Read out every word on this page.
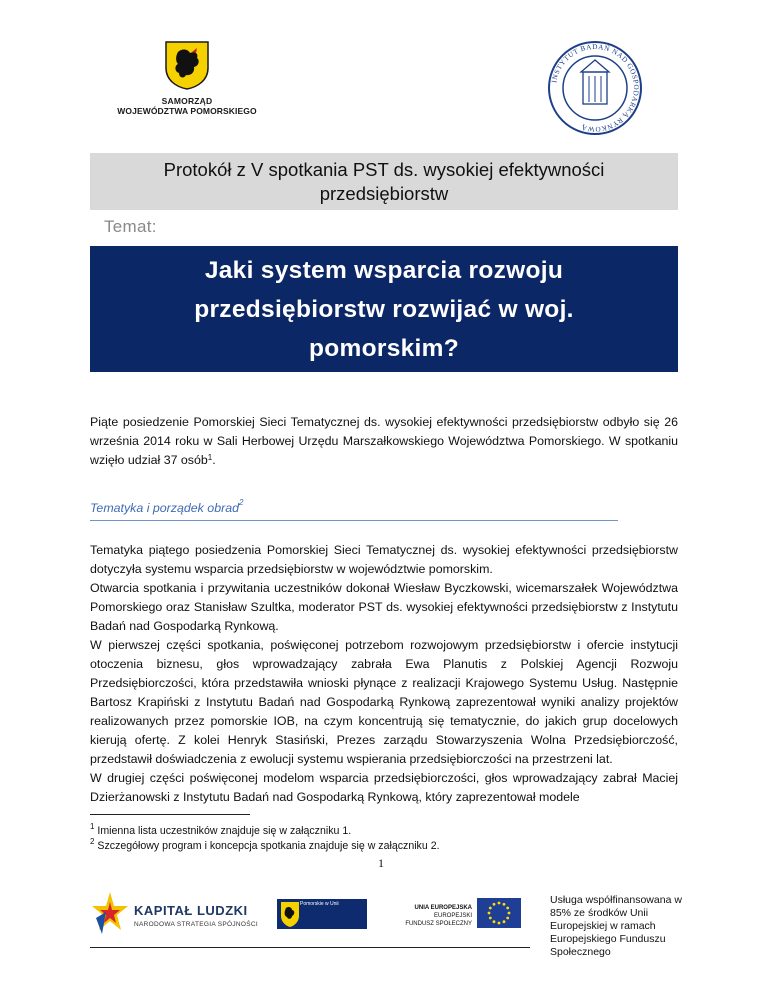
SAMORZĄD
WOJEWÓDZTWA POMORSKIEGO
INSTYTUT BADAŃ NAD GOSPODARKĄ RYNKOWĄ
Protokół z V spotkania PST ds. wysokiej efektywności przedsiębiorstw
Temat:
Jaki system wsparcia rozwoju przedsiębiorstw rozwijać w woj. pomorskim?
Piąte posiedzenie Pomorskiej Sieci Tematycznej ds. wysokiej efektywności przedsiębiorstw odbyło się 26 września 2014 roku w Sali Herbowej Urzędu Marszałkowskiego Województwa Pomorskiego. W spotkaniu wzięło udział 37 osób$^1$.
Tematyka i porządek obrad$^2$
Tematyka piątego posiedzenia Pomorskiej Sieci Tematycznej ds. wysokiej efektywności przedsiębiorstw dotyczyła systemu wsparcia przedsiębiorstw w województwie pomorskim.
Otwarcia spotkania i przywitania uczestników dokonał Wiesław Byczkowski, wicemarszałek Województwa Pomorskiego oraz Stanisław Szultka, moderator PST ds. wysokiej efektywności przedsiębiorstw z Instytutu Badań nad Gospodarką Rynkową.
W pierwszej części spotkania, poświęconej potrzebom rozwojowym przedsiębiorstw i ofercie instytucji otoczenia biznesu, głos wprowadzający zabrała Ewa Planutis z Polskiej Agencji Rozwoju Przedsiębiorczości, która przedstawiła wnioski płynące z realizacji Krajowego Systemu Usług. Następnie Bartosz Krapiński z Instytutu Badań nad Gospodarką Rynkową zaprezentował wyniki analizy projektów realizowanych przez pomorskie IOB, na czym koncentrują się tematycznie, do jakich grup docelowych kierują ofertę. Z kolei Henryk Stasiński, Prezes zarządu Stowarzyszenia Wolna Przedsiębiorczość, przedstawił doświadczenia z ewolucji systemu wspierania przedsiębiorczości na przestrzeni lat.
W drugiej części poświęconej modelom wsparcia przedsiębiorczości, głos wprowadzający zabrał Maciej Dzierżanowski z Instytutu Badań nad Gospodarką Rynkową, który zaprezentował modele
$^1$ Imienna lista uczestników znajduje się w załączniku 1.
$^2$ Szczegółowy program i koncepcja spotkania znajduje się w załączniku 2.
1
KAPITAŁ LUDZKI
NARODOWA STRATEGIA SPÓJNOŚCI
Pomorskie w Unii
UNIA EUROPEJSKA
EUROPEJSKI
FUNDUSZ SPOŁECZNY
Usługa współfinansowana w 85% ze środków Unii Europejskiej w ramach Europejskiego Funduszu Społecznego
